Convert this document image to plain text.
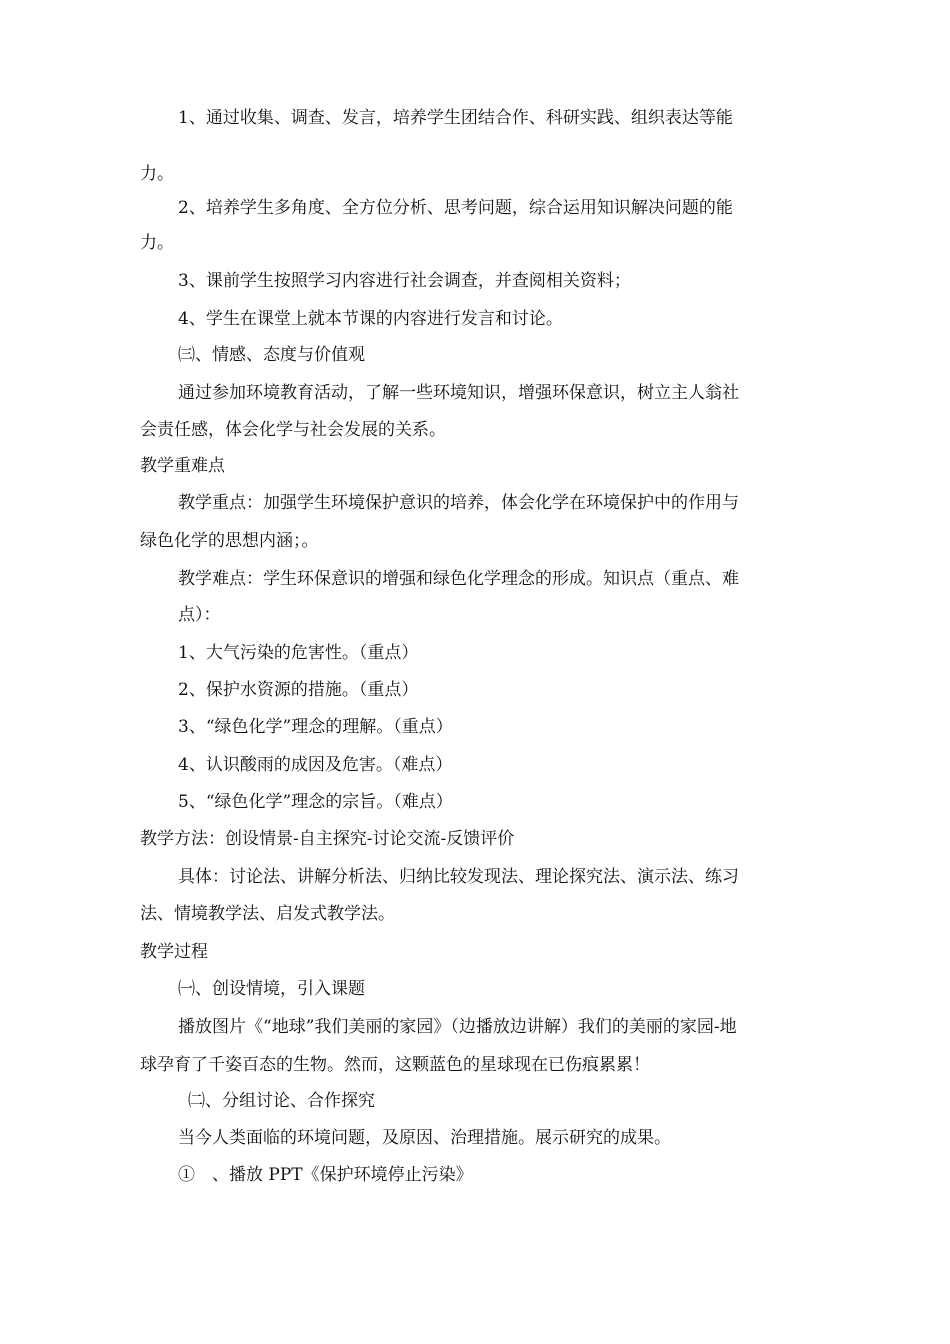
1、通过收集、调查、发言，培养学生团结合作、科研实践、组织表达等能
力。
2、培养学生多角度、全方位分析、思考问题，综合运用知识解决问题的能
力。
3、课前学生按照学习内容进行社会调查，并查阅相关资料；
4、学生在课堂上就本节课的内容进行发言和讨论。
㈢、情感、态度与价值观
通过参加环境教育活动，了解一些环境知识，增强环保意识，树立主人翁社
会责任感，体会化学与社会发展的关系。
教学重难点
教学重点：加强学生环境保护意识的培养，体会化学在环境保护中的作用与
绿色化学的思想内涵；。
教学难点：学生环保意识的增强和绿色化学理念的形成。知识点（重点、难
点）：
1、大气污染的危害性。（重点）
2、保护水资源的措施。（重点）
3、“绿色化学”理念的理解。（重点）
4、认识酸雨的成因及危害。（难点）
5、“绿色化学”理念的宗旨。（难点）
教学方法：创设情景-自主探究-讨论交流-反馈评价
具体：讨论法、讲解分析法、归纳比较发现法、理论探究法、演示法、练习
法、情境教学法、启发式教学法。
教学过程
㈠、创设情境，引入课题
播放图片《“地球”我们美丽的家园》（边播放边讲解）我们的美丽的家园-地
球孕育了千姿百态的生物。然而，这颗蓝色的星球现在已伤痕累累！
㈡、分组讨论、合作探究
当今人类面临的环境问题，及原因、治理措施。展示研究的成果。
①　、播放 PPT《保护环境停止污染》
